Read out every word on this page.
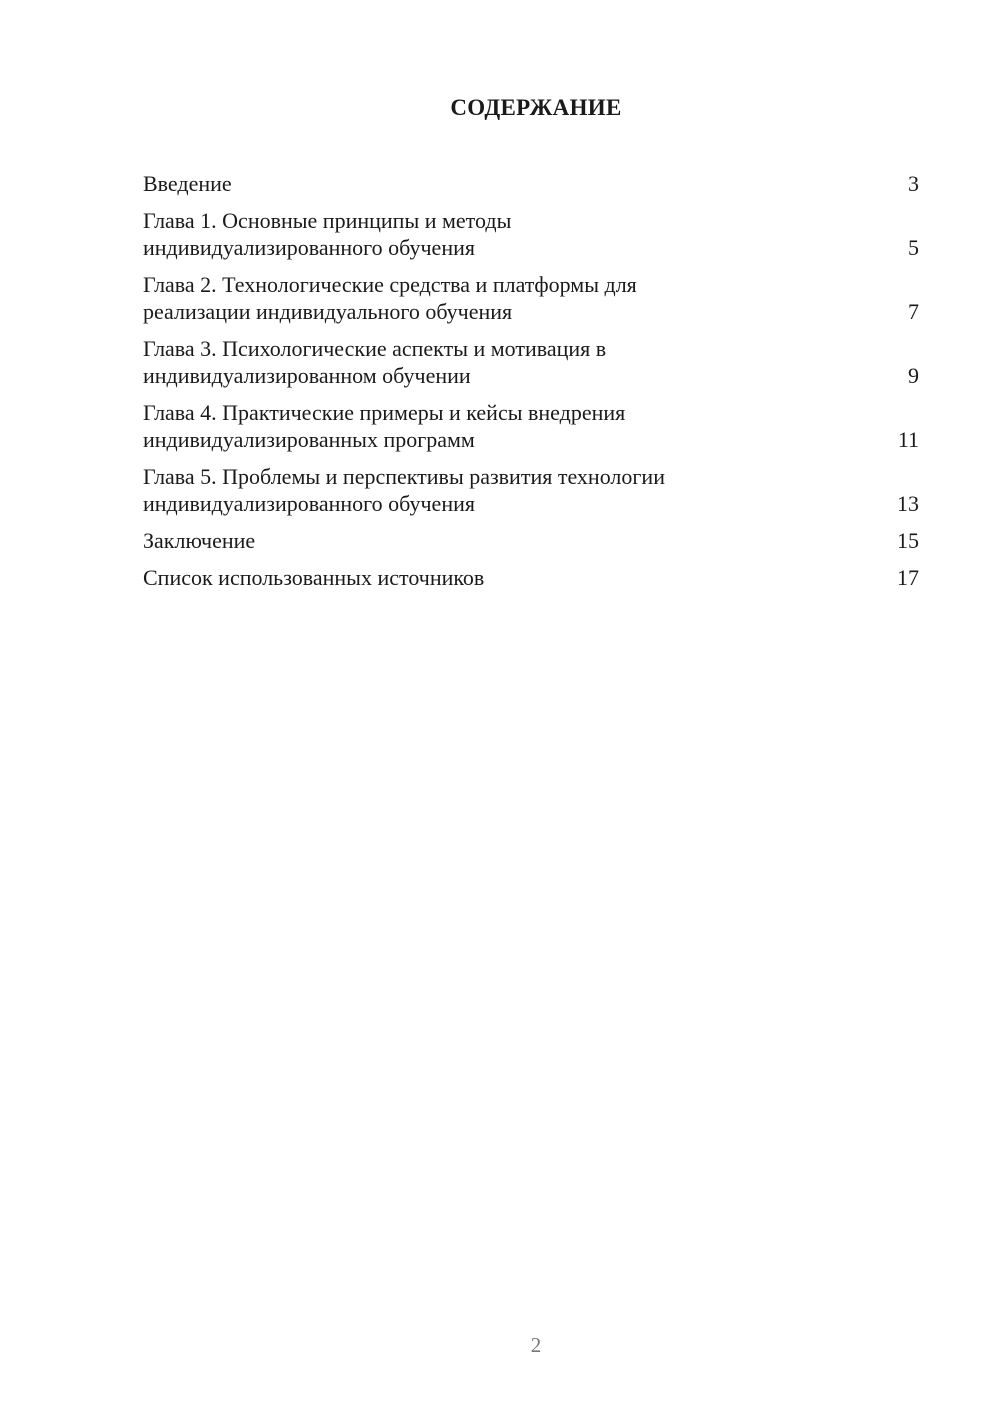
СОДЕРЖАНИЕ
Введение	3
Глава 1. Основные принципы и методы
индивидуализированного обучения	5
Глава 2. Технологические средства и платформы для
реализации индивидуального обучения	7
Глава 3. Психологические аспекты и мотивация в
индивидуализированном обучении	9
Глава 4. Практические примеры и кейсы внедрения
индивидуализированных программ	11
Глава 5. Проблемы и перспективы развития технологии
индивидуализированного обучения	13
Заключение	15
Список использованных источников	17
2
